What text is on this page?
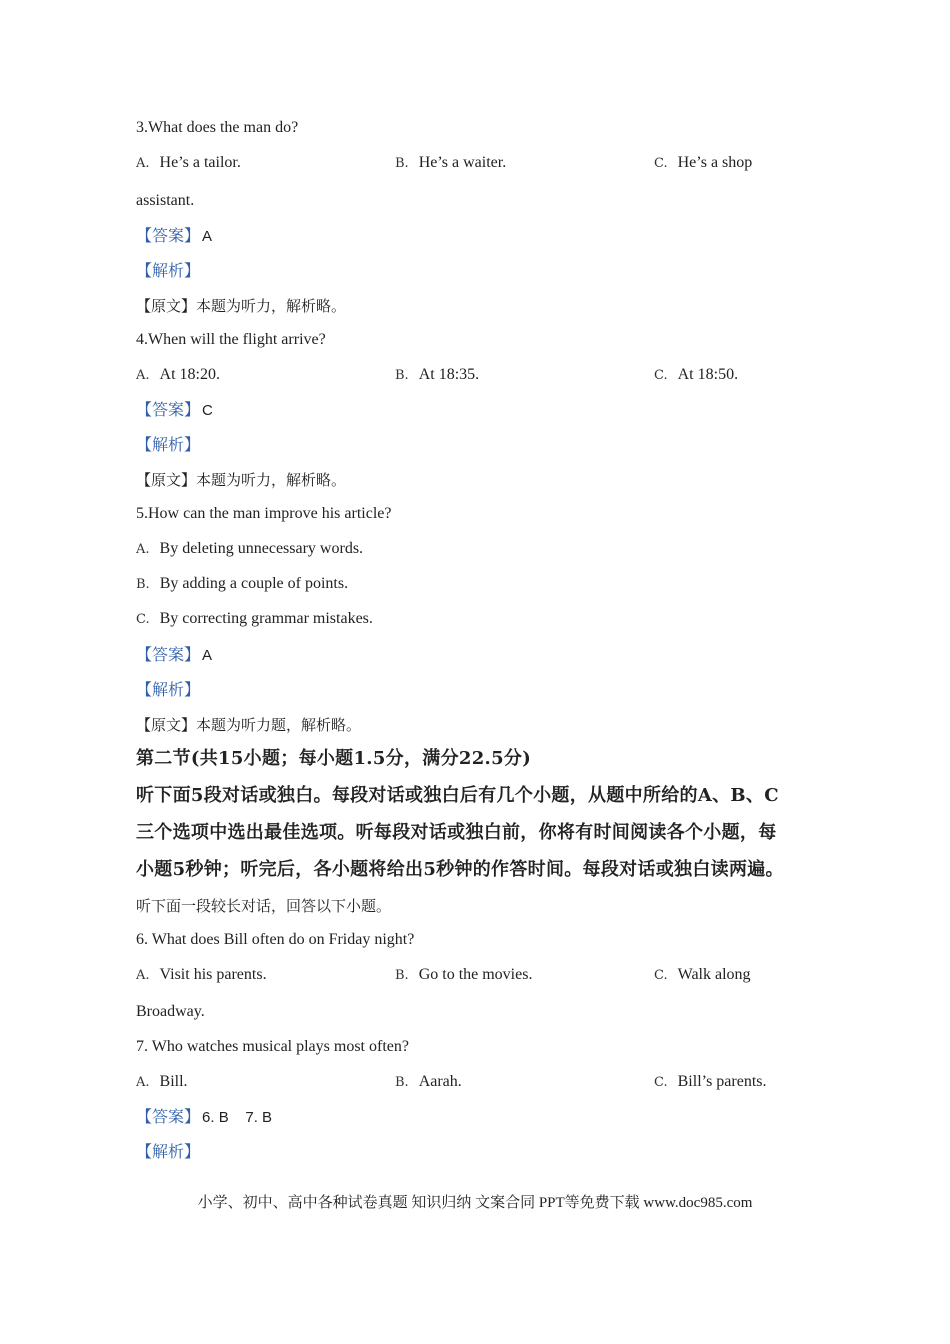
3.What does the man do?
A. He’s a tailor.	B. He’s a waiter.	C. He’s a shop
assistant.
【答案】 A
【解析】
【原文】本题为听力，解析略。
4.When will the flight arrive?
A. At 18:20.	B. At 18:35.	C. At 18:50.
【答案】 C
【解析】
【原文】本题为听力，解析略。
5.How can the man improve his article?
A. By deleting unnecessary words.
B. By adding a couple of points.
C. By correcting grammar mistakes.
【答案】 A
【解析】
【原文】本题为听力题，解析略。
第二节(共15小题；每小题1.5分，满分22.5分)
听下面5段对话或独白。每段对话或独白后有几个小题，从题中所给的A、B、C
三个选项中选出最佳选项。听每段对话或独白前，你将有时间阅读各个小题，每
小题5秒钟；听完后，各小题将给出5秒钟的作答时间。每段对话或独白读两遍。
听下面一段较长对话，回答以下小题。
6. What does Bill often do on Friday night?
A. Visit his parents.	B. Go to the movies.	C. Walk along
Broadway.
7. Who watches musical plays most often?
A. Bill.	B. Aarah.	C. Bill’s parents.
【答案】 6. B    7. B
【解析】
小学、初中、高中各种试卷真题 知识归纳 文案合同 PPT等免费下载 www.doc985.com
